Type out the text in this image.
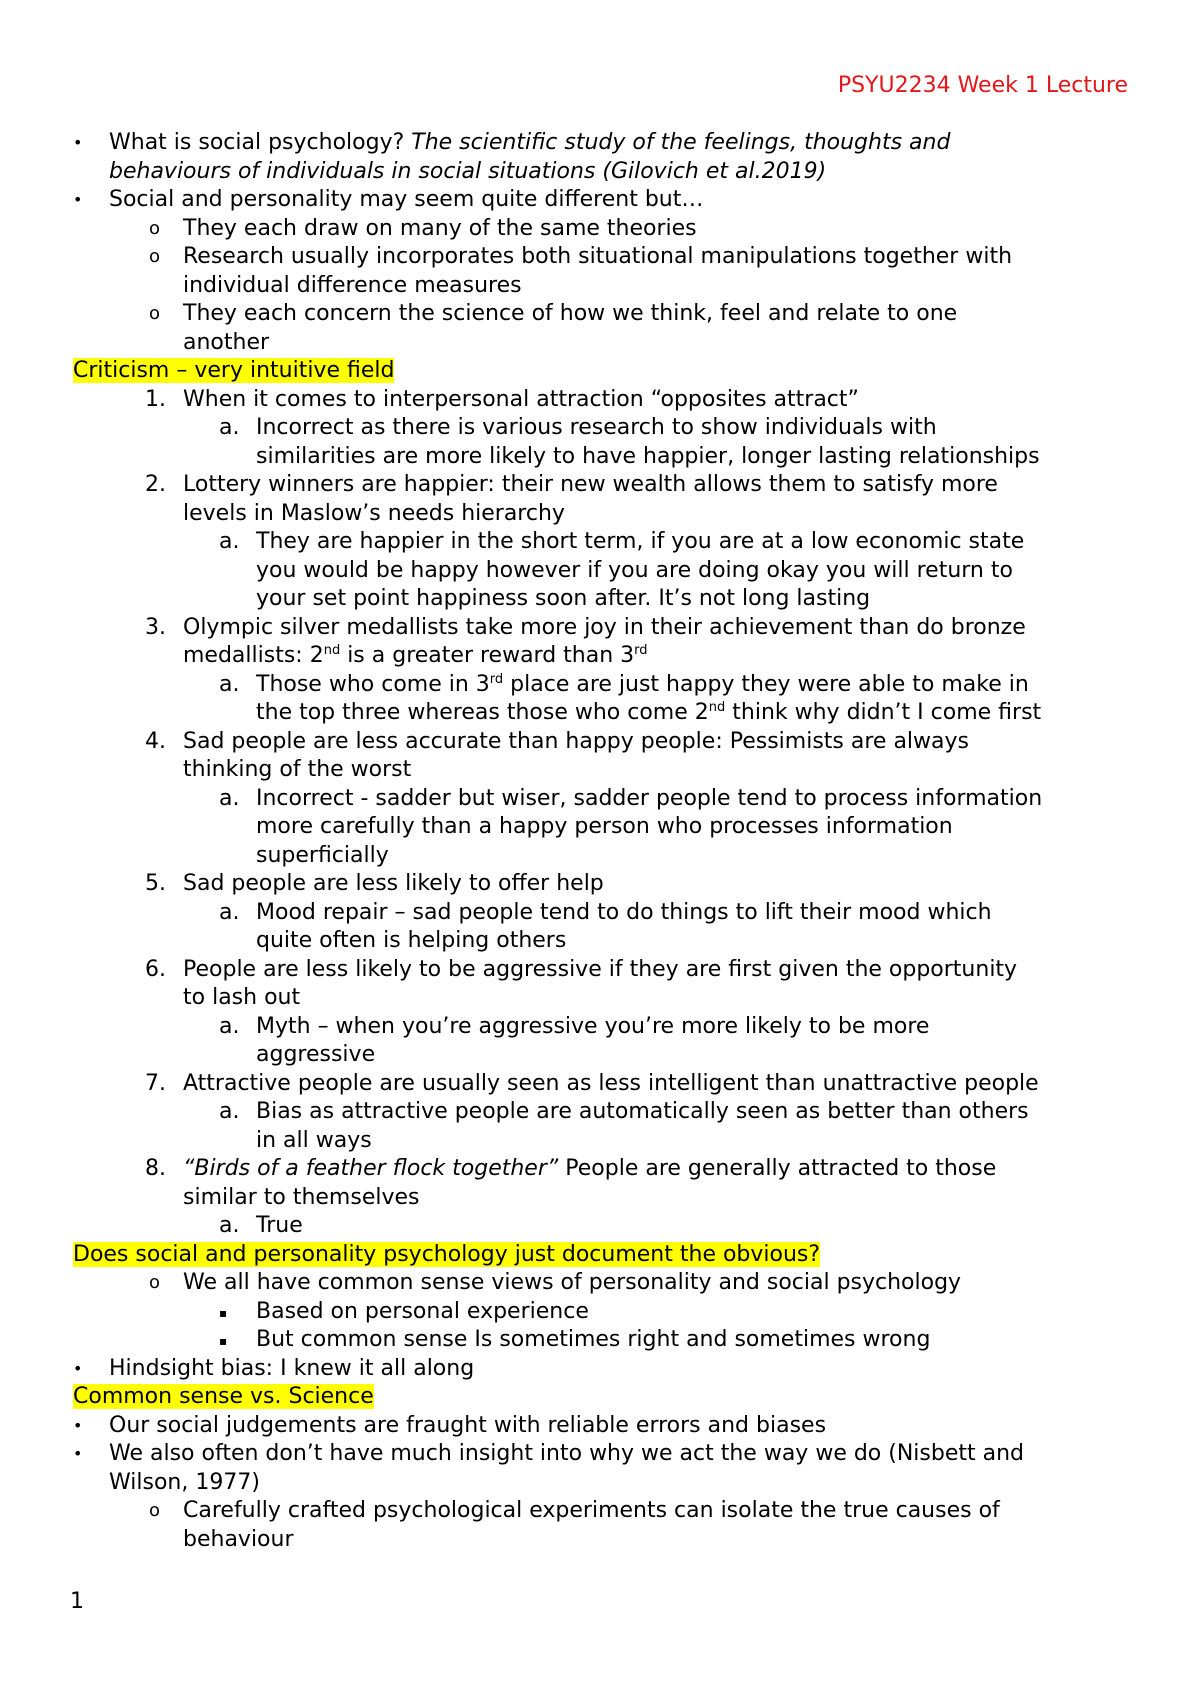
PSYU2234 Week 1 Lecture
• What is social psychology? The scientific study of the feelings, thoughts and
behaviours of individuals in social situations (Gilovich et al.2019)
• Social and personality may seem quite different but…
o They each draw on many of the same theories
o Research usually incorporates both situational manipulations together with
individual difference measures
o They each concern the science of how we think, feel and relate to one
another
Criticism – very intuitive field
1. When it comes to interpersonal attraction “opposites attract”
a. Incorrect as there is various research to show individuals with
similarities are more likely to have happier, longer lasting relationships
2. Lottery winners are happier: their new wealth allows them to satisfy more
levels in Maslow’s needs hierarchy
a. They are happier in the short term, if you are at a low economic state
you would be happy however if you are doing okay you will return to
your set point happiness soon after. It’s not long lasting
3. Olympic silver medallists take more joy in their achievement than do bronze
medallists: 2nd is a greater reward than 3rd
a. Those who come in 3rd place are just happy they were able to make in
the top three whereas those who come 2nd think why didn’t I come first
4. Sad people are less accurate than happy people: Pessimists are always
thinking of the worst
a. Incorrect - sadder but wiser, sadder people tend to process information
more carefully than a happy person who processes information
superficially
5. Sad people are less likely to offer help
a. Mood repair – sad people tend to do things to lift their mood which
quite often is helping others
6. People are less likely to be aggressive if they are first given the opportunity
to lash out
a. Myth – when you’re aggressive you’re more likely to be more
aggressive
7. Attractive people are usually seen as less intelligent than unattractive people
a. Bias as attractive people are automatically seen as better than others
in all ways
8. “Birds of a feather flock together” People are generally attracted to those
similar to themselves
a. True
Does social and personality psychology just document the obvious?
o We all have common sense views of personality and social psychology
▪ Based on personal experience
▪ But common sense Is sometimes right and sometimes wrong
• Hindsight bias: I knew it all along
Common sense vs. Science
• Our social judgements are fraught with reliable errors and biases
• We also often don’t have much insight into why we act the way we do (Nisbett and
Wilson, 1977)
o Carefully crafted psychological experiments can isolate the true causes of
behaviour
1
